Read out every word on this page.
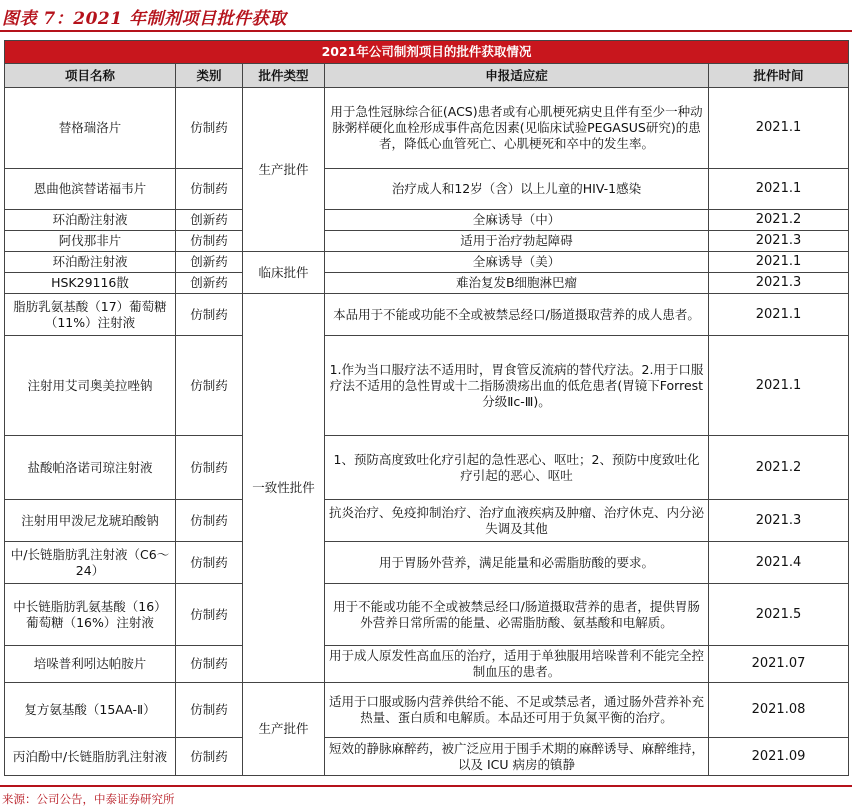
图表 7：2021 年制剂项目批件获取
2021年公司制剂项目的批件获取情况				
项目名称	类别	批件类型	申报适应症	批件时间
替格瑞洛片	仿制药	生产批件	用于急性冠脉综合征(ACS)患者或有心肌梗死病史且伴有至少一种动脉粥样硬化血栓形成事件高危因素(见临床试验PEGASUS研究)的患者，降低心血管死亡、心肌梗死和卒中的发生率。	2021.1
恩曲他滨替诺福韦片	仿制药		治疗成人和12岁（含）以上儿童的HIV-1感染	2021.1
环泊酚注射液	创新药		全麻诱导（中）	2021.2
阿伐那非片	仿制药		适用于治疗勃起障碍	2021.3
环泊酚注射液	创新药	临床批件	全麻诱导（美）	2021.1
HSK29116散	创新药		难治复发B细胞淋巴瘤	2021.3
脂肪乳氨基酸（17）葡萄糖（11%）注射液	仿制药	一致性批件	本品用于不能或功能不全或被禁忌经口/肠道摄取营养的成人患者。	2021.1
注射用艾司奥美拉唑钠	仿制药		1.作为当口服疗法不适用时，胃食管反流病的替代疗法。2.用于口服疗法不适用的急性胃或十二指肠溃疡出血的低危患者(胃镜下Forrest分级Ⅱc-Ⅲ)。	2021.1
盐酸帕洛诺司琼注射液	仿制药		1、预防高度致吐化疗引起的急性恶心、呕吐；2、预防中度致吐化疗引起的恶心、呕吐	2021.2
注射用甲泼尼龙琥珀酸钠	仿制药		抗炎治疗、免疫抑制治疗、治疗血液疾病及肿瘤、治疗休克、内分泌失调及其他	2021.3
中/长链脂肪乳注射液（C6～24）	仿制药		用于胃肠外营养，满足能量和必需脂肪酸的要求。	2021.4
中长链脂肪乳氨基酸（16）葡萄糖（16%）注射液	仿制药		用于不能或功能不全或被禁忌经口/肠道摄取营养的患者，提供胃肠外营养日常所需的能量、必需脂肪酸、氨基酸和电解质。	2021.5
培哚普利吲达帕胺片	仿制药		用于成人原发性高血压的治疗，适用于单独服用培哚普利不能完全控制血压的患者。	2021.07
复方氨基酸（15AA-Ⅱ）	仿制药	生产批件	适用于口服或肠内营养供给不能、不足或禁忌者，通过肠外营养补充热量、蛋白质和电解质。本品还可用于负氮平衡的治疗。	2021.08
丙泊酚中/长链脂肪乳注射液	仿制药		短效的静脉麻醉药，被广泛应用于围手术期的麻醉诱导、麻醉维持，以及 ICU 病房的镇静	2021.09
来源：公司公告，中泰证券研究所
